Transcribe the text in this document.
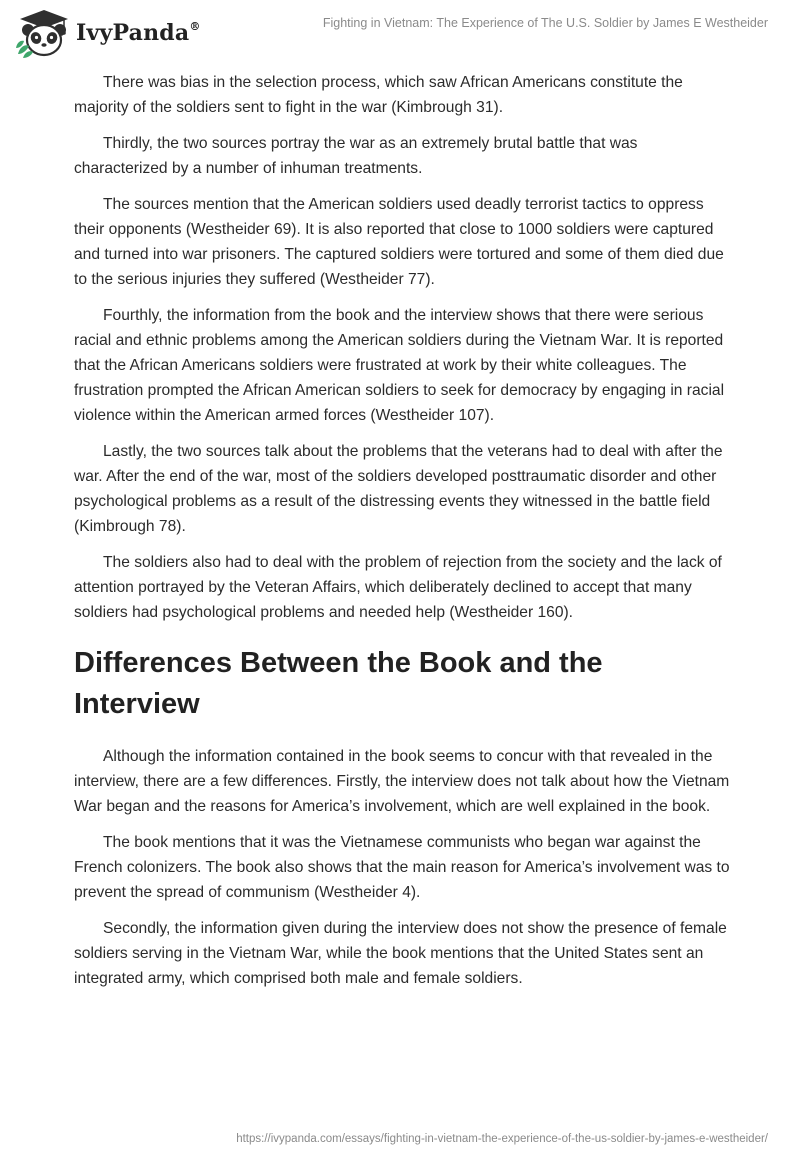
IvyPanda®	Fighting in Vietnam: The Experience of The U.S. Soldier by James E Westheider

There was bias in the selection process, which saw African Americans constitute the majority of the soldiers sent to fight in the war (Kimbrough 31).

Thirdly, the two sources portray the war as an extremely brutal battle that was characterized by a number of inhuman treatments.

The sources mention that the American soldiers used deadly terrorist tactics to oppress their opponents (Westheider 69). It is also reported that close to 1000 soldiers were captured and turned into war prisoners. The captured soldiers were tortured and some of them died due to the serious injuries they suffered (Westheider 77).

Fourthly, the information from the book and the interview shows that there were serious racial and ethnic problems among the American soldiers during the Vietnam War. It is reported that the African Americans soldiers were frustrated at work by their white colleagues. The frustration prompted the African American soldiers to seek for democracy by engaging in racial violence within the American armed forces (Westheider 107).

Lastly, the two sources talk about the problems that the veterans had to deal with after the war. After the end of the war, most of the soldiers developed posttraumatic disorder and other psychological problems as a result of the distressing events they witnessed in the battle field (Kimbrough 78).

The soldiers also had to deal with the problem of rejection from the society and the lack of attention portrayed by the Veteran Affairs, which deliberately declined to accept that many soldiers had psychological problems and needed help (Westheider 160).

Differences Between the Book and the Interview

Although the information contained in the book seems to concur with that revealed in the interview, there are a few differences. Firstly, the interview does not talk about how the Vietnam War began and the reasons for America’s involvement, which are well explained in the book.

The book mentions that it was the Vietnamese communists who began war against the French colonizers. The book also shows that the main reason for America’s involvement was to prevent the spread of communism (Westheider 4).

Secondly, the information given during the interview does not show the presence of female soldiers serving in the Vietnam War, while the book mentions that the United States sent an integrated army, which comprised both male and female soldiers.

https://ivypanda.com/essays/fighting-in-vietnam-the-experience-of-the-us-soldier-by-james-e-westheider/
